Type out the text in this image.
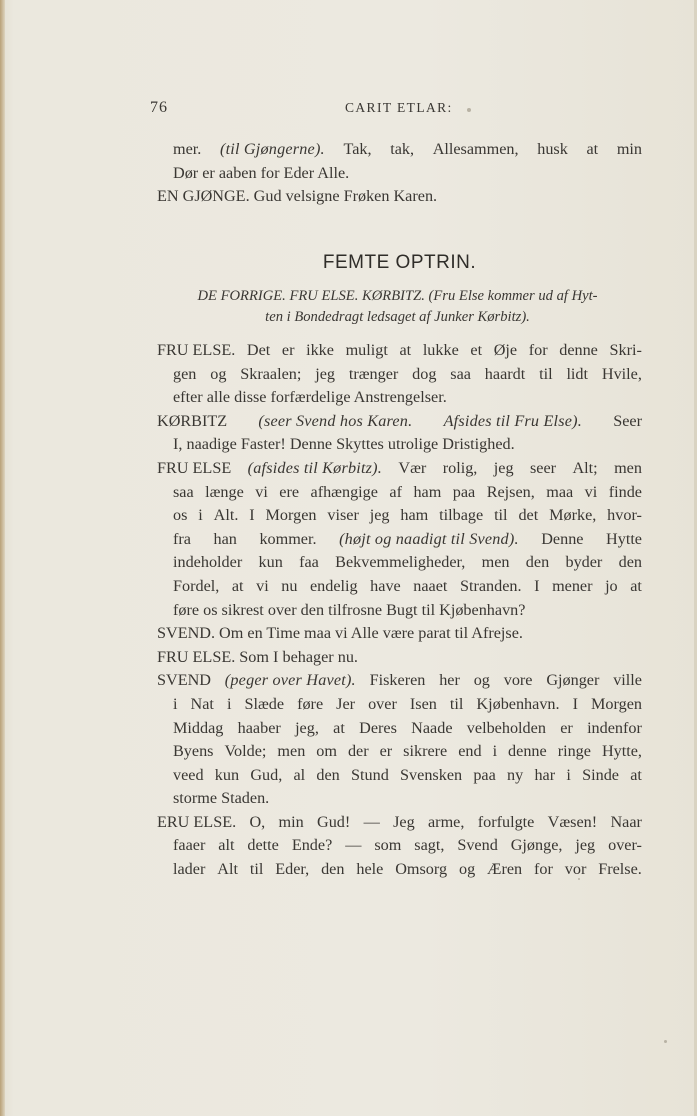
76	CARIT ETLAR:
mer. (til Gjøngerne). Tak, tak, Allesammen, husk at min
Dør er aaben for Eder Alle.
EN GJØNGE. Gud velsigne Frøken Karen.
FEMTE OPTRIN.
DE FORRIGE. FRU ELSE. KØRBITZ. (Fru Else kommer ud af Hyt-
ten i Bondedragt ledsaget af Junker Kørbitz).
FRU ELSE. Det er ikke muligt at lukke et Øje for denne Skri-
gen og Skraalen; jeg trænger dog saa haardt til lidt Hvile,
efter alle disse forfærdelige Anstrengelser.
KØRBITZ (seer Svend hos Karen. Afsides til Fru Else). Seer
I, naadige Faster! Denne Skyttes utrolige Dristighed.
FRU ELSE (afsides til Kørbitz). Vær rolig, jeg seer Alt; men
saa længe vi ere afhængige af ham paa Rejsen, maa vi finde
os i Alt. I Morgen viser jeg ham tilbage til det Mørke, hvor-
fra han kommer. (højt og naadigt til Svend). Denne Hytte
indeholder kun faa Bekvemmeligheder, men den byder den
Fordel, at vi nu endelig have naaet Stranden. I mener jo at
føre os sikrest over den tilfrosne Bugt til Kjøbenhavn?
SVEND. Om en Time maa vi Alle være parat til Afrejse.
FRU ELSE. Som I behager nu.
SVEND (peger over Havet). Fiskeren her og vore Gjønger ville
i Nat i Slæde føre Jer over Isen til Kjøbenhavn. I Morgen
Middag haaber jeg, at Deres Naade velbeholden er indenfor
Byens Volde; men om der er sikrere end i denne ringe Hytte,
veed kun Gud, al den Stund Svensken paa ny har i Sinde at
storme Staden.
ERU ELSE. O, min Gud! — Jeg arme, forfulgte Væsen! Naar
faaer alt dette Ende? — som sagt, Svend Gjønge, jeg over-
lader Alt til Eder, den hele Omsorg og Æren for vor Frelse.
